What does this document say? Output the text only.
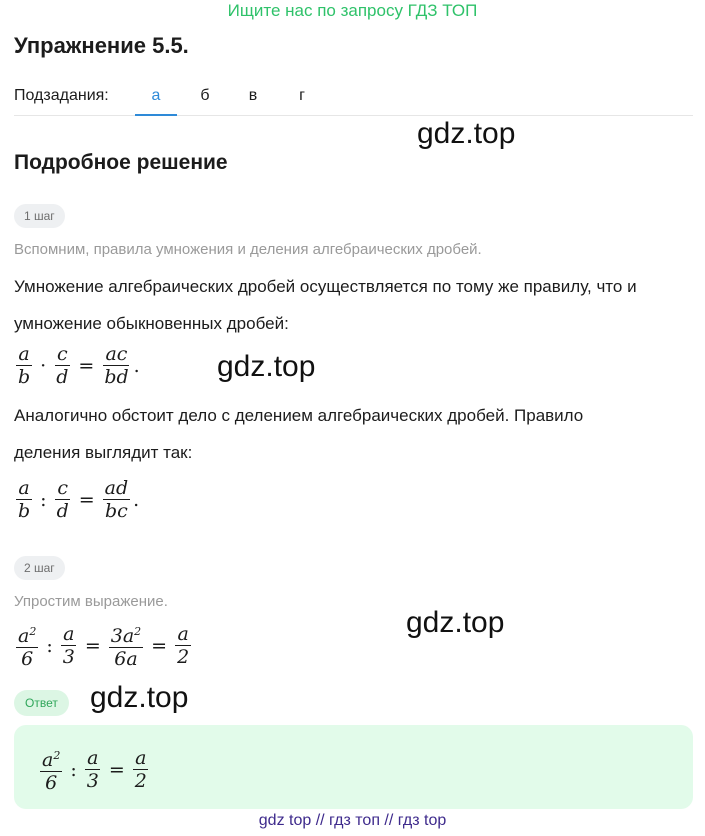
Ищите нас по запросу ГДЗ ТОП
Упражнение 5.5.
Подзадания:	а	б	в	г
gdz.top
Подробное решение
1 шаг
Вспомним, правила умножения и деления алгебраических дробей.
Умножение алгебраических дробей осуществляется по тому же правилу, что и
умножение обыкновенных дробей:
$\frac{a}{b} \cdot \frac{c}{d} = \frac{ac}{bd}$ .	gdz.top
Аналогично обстоит дело с делением алгебраических дробей. Правило
деления выглядит так:
$\frac{a}{b}$ : $\frac{c}{d} = \frac{ad}{bc}$ .
2 шаг
Упростим выражение.
gdz.top
$\frac{a^2}{6}$ : $\frac{a}{3} = \frac{3a^2}{6a} = \frac{a}{2}$
Ответ	gdz.top
$\frac{a^2}{6}$ : $\frac{a}{3} = \frac{a}{2}$
gdz top // гдз топ // гдз top
